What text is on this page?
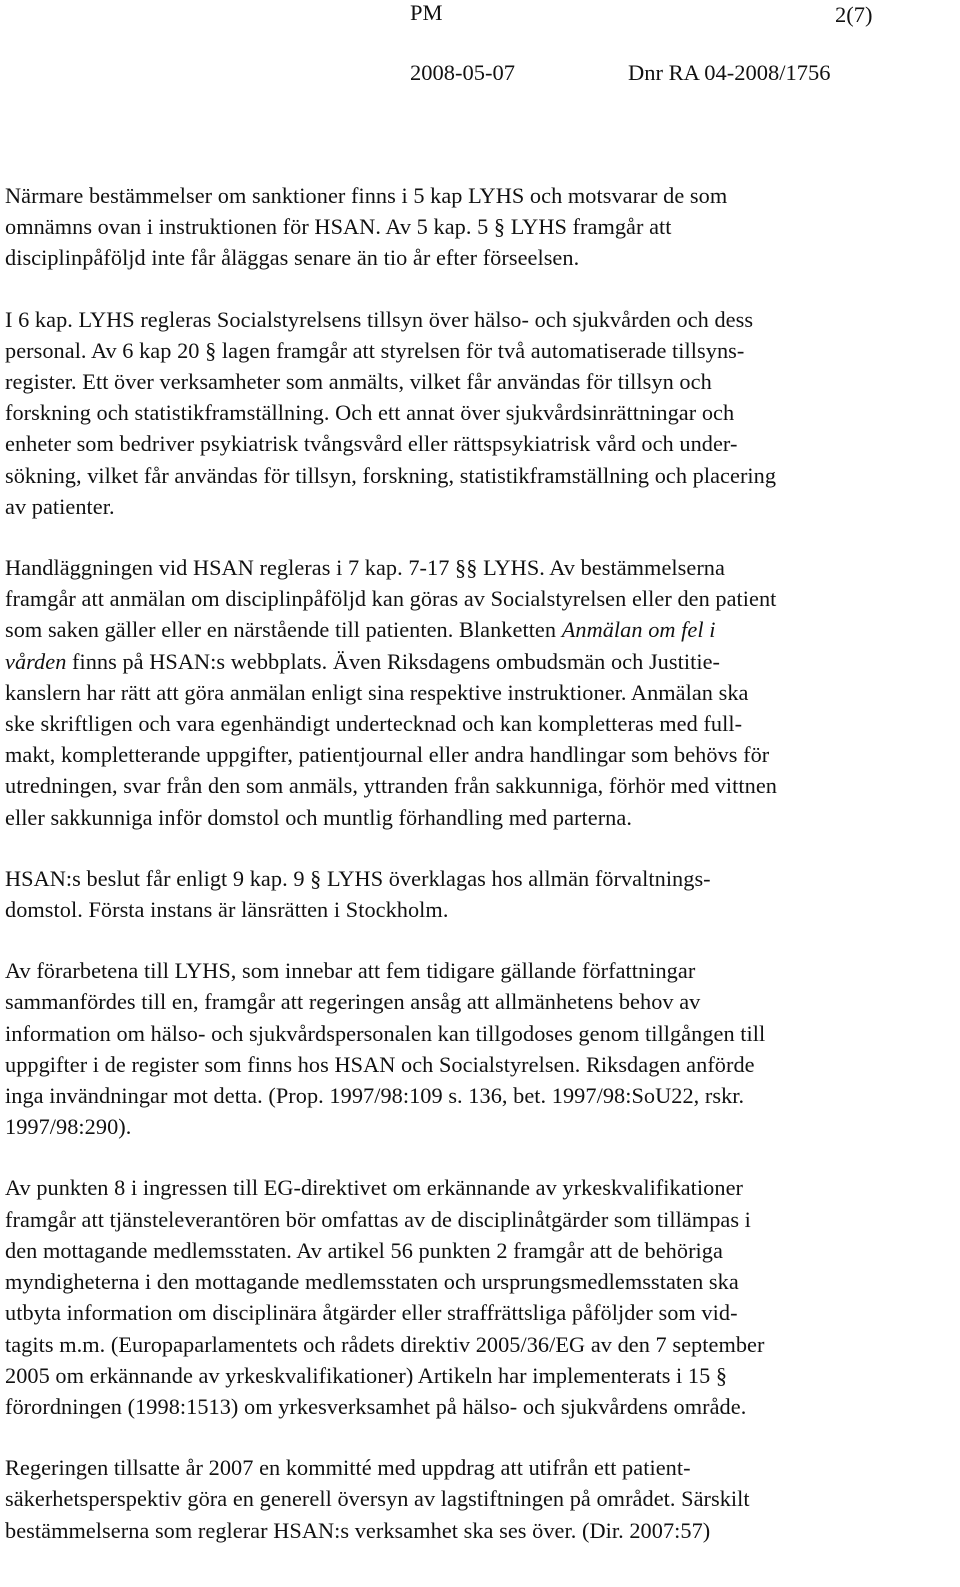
PM	2(7)
2008-05-07	Dnr RA 04-2008/1756

Närmare bestämmelser om sanktioner finns i 5 kap LYHS och motsvarar de som
omnämns ovan i instruktionen för HSAN. Av 5 kap. 5 § LYHS framgår att
disciplinpåföljd inte får åläggas senare än tio år efter förseelsen.

I 6 kap. LYHS regleras Socialstyrelsens tillsyn över hälso- och sjukvården och dess
personal. Av 6 kap 20 § lagen framgår att styrelsen för två automatiserade tillsyns-
register. Ett över verksamheter som anmälts, vilket får användas för tillsyn och
forskning och statistikframställning. Och ett annat över sjukvårdsinrättningar och
enheter som bedriver psykiatrisk tvångsvård eller rättspsykiatrisk vård och under-
sökning, vilket får användas för tillsyn, forskning, statistikframställning och placering
av patienter.

Handläggningen vid HSAN regleras i 7 kap. 7-17 §§ LYHS. Av bestämmelserna
framgår att anmälan om disciplinpåföljd kan göras av Socialstyrelsen eller den patient
som saken gäller eller en närstående till patienten. Blanketten Anmälan om fel i
vården finns på HSAN:s webbplats. Även Riksdagens ombudsmän och Justitie-
kanslern har rätt att göra anmälan enligt sina respektive instruktioner. Anmälan ska
ske skriftligen och vara egenhändigt undertecknad och kan kompletteras med full-
makt, kompletterande uppgifter, patientjournal eller andra handlingar som behövs för
utredningen, svar från den som anmäls, yttranden från sakkunniga, förhör med vittnen
eller sakkunniga inför domstol och muntlig förhandling med parterna.

HSAN:s beslut får enligt 9 kap. 9 § LYHS överklagas hos allmän förvaltnings-
domstol. Första instans är länsrätten i Stockholm.

Av förarbetena till LYHS, som innebar att fem tidigare gällande författningar
sammanfördes till en, framgår att regeringen ansåg att allmänhetens behov av
information om hälso- och sjukvårdspersonalen kan tillgodoses genom tillgången till
uppgifter i de register som finns hos HSAN och Socialstyrelsen. Riksdagen anförde
inga invändningar mot detta. (Prop. 1997/98:109 s. 136, bet. 1997/98:SoU22, rskr.
1997/98:290).

Av punkten 8 i ingressen till EG-direktivet om erkännande av yrkeskvalifikationer
framgår att tjänsteleverantören bör omfattas av de disciplinåtgärder som tillämpas i
den mottagande medlemsstaten. Av artikel 56 punkten 2 framgår att de behöriga
myndigheterna i den mottagande medlemsstaten och ursprungsmedlemsstaten ska
utbyta information om disciplinära åtgärder eller straffrättsliga påföljder som vid-
tagits m.m. (Europaparlamentets och rådets direktiv 2005/36/EG av den 7 september
2005 om erkännande av yrkeskvalifikationer) Artikeln har implementerats i 15 §
förordningen (1998:1513) om yrkesverksamhet på hälso- och sjukvårdens område.

Regeringen tillsatte år 2007 en kommitté med uppdrag att utifrån ett patient-
säkerhetsperspektiv göra en generell översyn av lagstiftningen på området. Särskilt
bestämmelserna som reglerar HSAN:s verksamhet ska ses över. (Dir. 2007:57)
